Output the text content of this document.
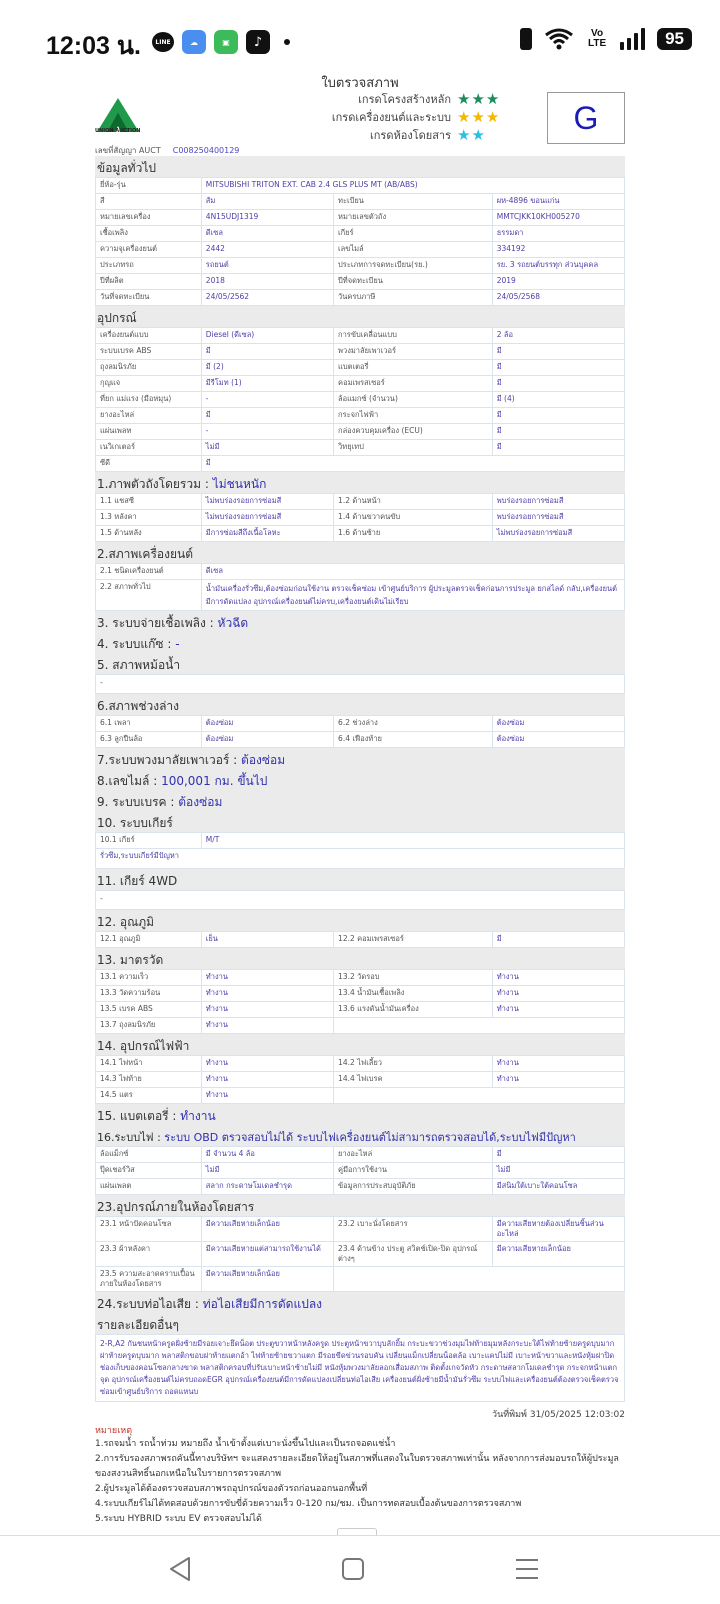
12:03 น. LINE	☁	▣	♪
Vo LTE	95
ใบตรวจสภาพ
UNION AUCTION
เกรดโครงสร้างหลัก ★★★
เกรดเครื่องยนต์และระบบ ★★★
เกรดห้องโดยสาร ★★	G
เลขที่สัญญา AUCT C008250400129
ข้อมูลทั่วไป
ยี่ห้อ-รุ่น	MITSUBISHI TRITON EXT. CAB 2.4 GLS PLUS MT (AB/ABS)		
สี	ส้ม	ทะเบียน	ผห-4896 ขอนแก่น
หมายเลขเครื่อง	4N15UDJ1319	หมายเลขตัวถัง	MMTCJKK10KH005270
เชื้อเพลิง	ดีเซล	เกียร์	ธรรมดา
ความจุเครื่องยนต์	2442	เลขไมล์	334192
ประเภทรถ	รถยนต์	ประเภทการจดทะเบียน(รย.)	รย. 3 รถยนต์บรรทุก ส่วนบุคคล
ปีที่ผลิต	2018	ปีที่จดทะเบียน	2019
วันที่จดทะเบียน	24/05/2562	วันครบภาษี	24/05/2568
อุปกรณ์
เครื่องยนต์แบบ	Diesel (ดีเซล)	การขับเคลื่อนแบบ	2 ล้อ
ระบบเบรค ABS	มี	พวงมาลัยเพาเวอร์	มี
ถุงลมนิรภัย	มี (2)	แบตเตอรี่	มี
กุญแจ	มีรีโมท (1)	คอมเพรสเซอร์	มี
ที่ยก แม่แรง (มือหมุน)	-	ล้อแมกซ์ (จำนวน)	มี (4)
ยางอะไหล่	มี	กระจกไฟฟ้า	มี
แผ่นเพลท	-	กล่องควบคุมเครื่อง (ECU)	มี
เนวิเกเตอร์	ไม่มี	วิทยุเทป	มี
ซีดี	มี		
1.ภาพตัวถังโดยรวม : ไม่ชนหนัก
1.1 แชสซี	ไม่พบร่องรอยการซ่อมสี	1.2 ด้านหน้า	พบร่องรอยการซ่อมสี
1.3 หลังคา	ไม่พบร่องรอยการซ่อมสี	1.4 ด้านขวาคนขับ	พบร่องรอยการซ่อมสี
1.5 ด้านหลัง	มีการซ่อมสีถึงเนื้อโลหะ	1.6 ด้านซ้าย	ไม่พบร่องรอยการซ่อมสี
2.สภาพเครื่องยนต์
2.1 ชนิดเครื่องยนต์	ดีเซล
2.2 สภาพทั่วไป	น้ำมันเครื่องรั่วซึม,ต้องซ่อมก่อนใช้งาน ตรวจเช็คซ่อม เข้าศูนย์บริการ ผู้ประมูลตรวจเช็คก่อนการประมูล ยกสไลด์ กลับ,เครื่องยนต์มีการดัดแปลง อุปกรณ์เครื่องยนต์ไม่ครบ,เครื่องยนต์เดินไม่เรียบ
3. ระบบจ่ายเชื้อเพลิง : หัวฉีด
4. ระบบแก๊ซ : -
5. สภาพหม้อน้ำ
-
6.สภาพช่วงล่าง
6.1 เพลา	ต้องซ่อม	6.2 ช่วงล่าง	ต้องซ่อม
6.3 ลูกปืนล้อ	ต้องซ่อม	6.4 เฟืองท้าย	ต้องซ่อม
7.ระบบพวงมาลัยเพาเวอร์ : ต้องซ่อม
8.เลขไมล์ : 100,001 กม. ขึ้นไป
9. ระบบเบรค : ต้องซ่อม
10. ระบบเกียร์
10.1 เกียร์	M/T
รั่วซึม,ระบบเกียร์มีปัญหา
11. เกียร์ 4WD
-
12. อุณภูมิ
12.1 อุณภูมิ	เย็น	12.2 คอมเพรสเซอร์	มี
13. มาตรวัด
13.1 ความเร็ว	ทำงาน	13.2 วัดรอบ	ทำงาน
13.3 วัดความร้อน	ทำงาน	13.4 น้ำมันเชื้อเพลิง	ทำงาน
13.5 เบรค ABS	ทำงาน	13.6 แรงดันน้ำมันเครื่อง	ทำงาน
13.7 ถุงลมนิรภัย	ทำงาน		
14. อุปกรณ์ไฟฟ้า
14.1 ไฟหน้า	ทำงาน	14.2 ไฟเลี้ยว	ทำงาน
14.3 ไฟท้าย	ทำงาน	14.4 ไฟเบรค	ทำงาน
14.5 แตร	ทำงาน		
15. แบตเตอรี่ : ทำงาน
16.ระบบไฟ : ระบบ OBD ตรวจสอบไม่ได้ ระบบไฟเครื่องยนต์ไม่สามารถตรวจสอบได้,ระบบไฟมีปัญหา
ล้อแม็กซ์	มี จำนวน 4 ล้อ	ยางอะไหล่	มี
ปุ๊คเชอร์วิส	ไม่มี	คู่มือการใช้งาน	ไม่มี
แผ่นเพลต	สลาก กระดาษโมเดลชำรุด	ข้อมูลการประสบอุบัติภัย	มีสนิมใต้เบาะใต้คอนโซล
23.อุปกรณ์ภายในห้องโดยสาร
23.1 หน้าปัดคอนโซล	มีความเสียหายเล็กน้อย	23.2 เบาะนั่งโดยสาร	มีความเสียหายต้องเปลี่ยนชิ้นส่วนอะไหล่
23.3 ผ้าหลังคา	มีความเสียหายแต่สามารถใช้งานได้	23.4 ด้านข้าง ประตู สวิตช์เปิด-ปิด อุปกรณ์ต่างๆ	มีความเสียหายเล็กน้อย
23.5 ความสะอาดคราบเปื้อน ภายในห้องโดยสาร	มีความเสียหายเล็กน้อย		
24.ระบบท่อไอเสีย : ท่อไอเสียมีการดัดแปลง
รายละเอียดอื่นๆ
2-R,A2 กันชนหน้าครูดฝั่งซ้ายมีรอยเจาะยึดน็อต ประตูขวาหน้าหลังครูด ประตูหน้าขวาบุบลักยิ้ม กระบะขวาช่วงมุมไฟท้ายมุมหลังกระบะใต้ไฟท้ายซ้ายครูดบุบมาก ฝาท้ายครูดบุบมาก พลาสติกขอบฝาท้ายแตกอ้า ไฟท้ายซ้ายขวาแตก มีรอยขีดข่วนรอบคัน เปลี่ยนแม็กเปลี่ยนน็อตล้อ เบาะแคปไม่มี เบาะหน้าขวาและหนังหุ้มฝาปิดช่องเก็บของคอนโซลกลางขาด พลาสติกครอบที่ปรับเบาะหน้าซ้ายไม่มี หนังหุ้มพวงมาลัยลอกเสื่อมสภาพ ติดตั้งเกจวัดหัว กระดาษสลากโมเดลชำรุด กระจกหน้าแตกจุด อุปกรณ์เครื่องยนต์ไม่ครบถอดEGR อุปกรณ์เครื่องยนต์มีการดัดแปลงเปลี่ยนท่อไอเสีย เครื่องยนต์ฝั่งซ้ายมีน้ำมันรั่วซึม ระบบไฟและเครื่องยนต์ต้องตรวจเช็คตรวจซ่อมเข้าศูนย์บริการ ถอดแหนบ
วันที่พิมพ์ 31/05/2025 12:03:02
หมายเหตุ

1.รถจมน้ำ รถน้ำท่วม หมายถึง น้ำเข้าตั้งแต่เบาะนั่งขึ้นไปและเป็นรถจอดแช่น้ำ

2.การรับรองสภาพรถคันนี้ทางบริษัทฯ จะแสดงรายละเอียดให้อยู่ในสภาพที่แสดงในใบตรวจสภาพเท่านั้น หลังจากการส่งมอบรถให้ผู้ประมูล ของสงวนสิทธิ์นอกเหนือในใบรายการตรวจสภาพ

2.ผู้ประมูลได้ต้องตรวจสอบสภาพรถอุปกรณ์ของตัวรถก่อนออกนอกพื้นที่

4.ระบบเกียร์ไม่ได้ทดสอบด้วยการขับขี่ด้วยความเร็ว 0-120 กม/ชม. เป็นการทดสอบเบื้องต้นของการตรวจสภาพ

5.ระบบ HYBRID ระบบ EV ตรวจสอบไม่ได้
